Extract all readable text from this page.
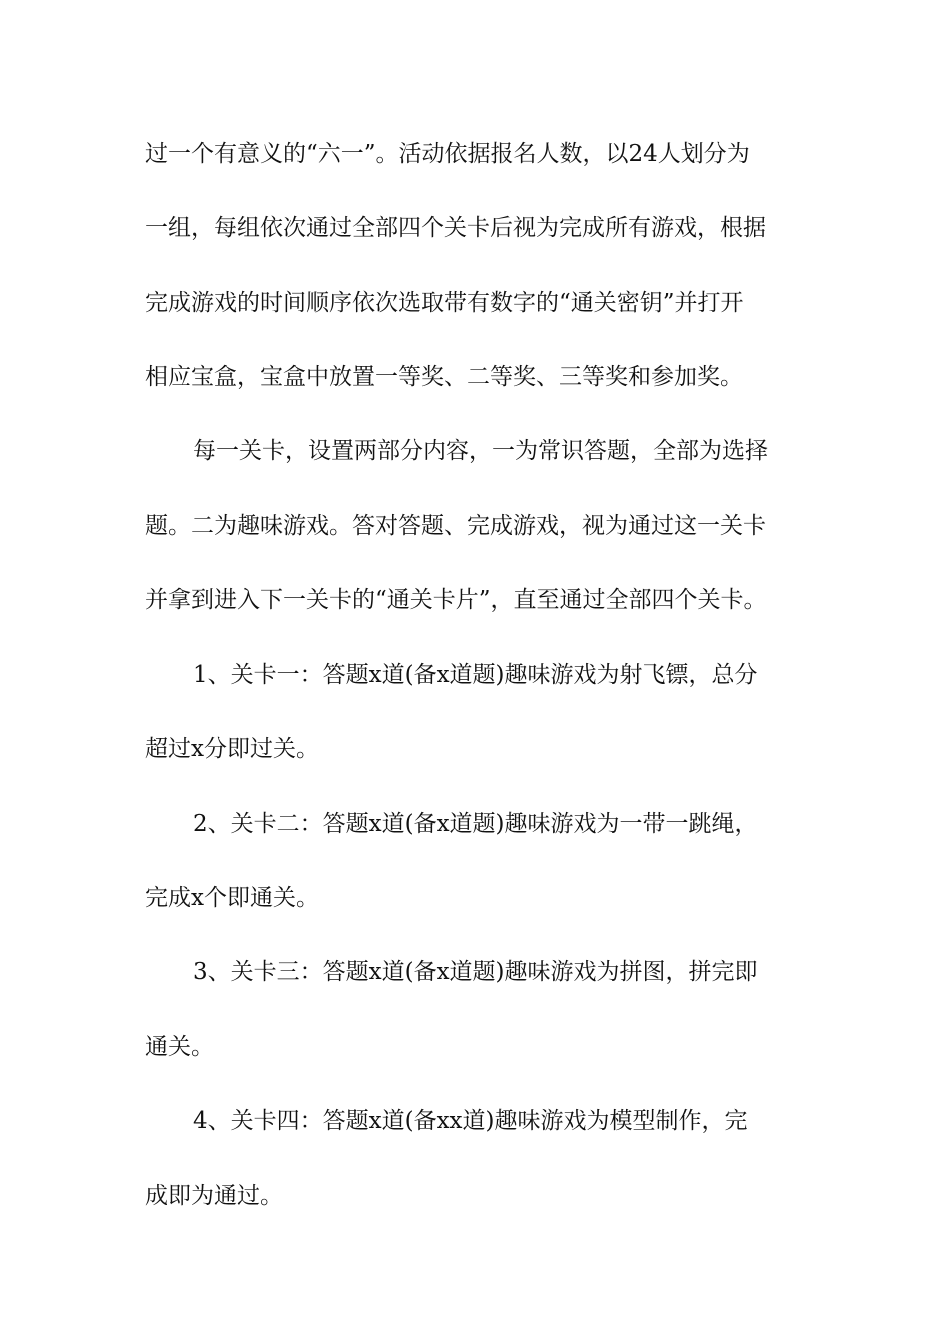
过一个有意义的“六一”。活动依据报名人数，以24人划分为
一组，每组依次通过全部四个关卡后视为完成所有游戏，根据
完成游戏的时间顺序依次选取带有数字的“通关密钥”并打开
相应宝盒，宝盒中放置一等奖、二等奖、三等奖和参加奖。
每一关卡，设置两部分内容，一为常识答题，全部为选择
题。二为趣味游戏。答对答题、完成游戏，视为通过这一关卡
并拿到进入下一关卡的“通关卡片”，直至通过全部四个关卡。
1、关卡一：答题x道(备x道题)趣味游戏为射飞镖，总分
超过x分即过关。
2、关卡二：答题x道(备x道题)趣味游戏为一带一跳绳，
完成x个即通关。
3、关卡三：答题x道(备x道题)趣味游戏为拼图，拼完即
通关。
4、关卡四：答题x道(备xx道)趣味游戏为模型制作，完
成即为通过。
